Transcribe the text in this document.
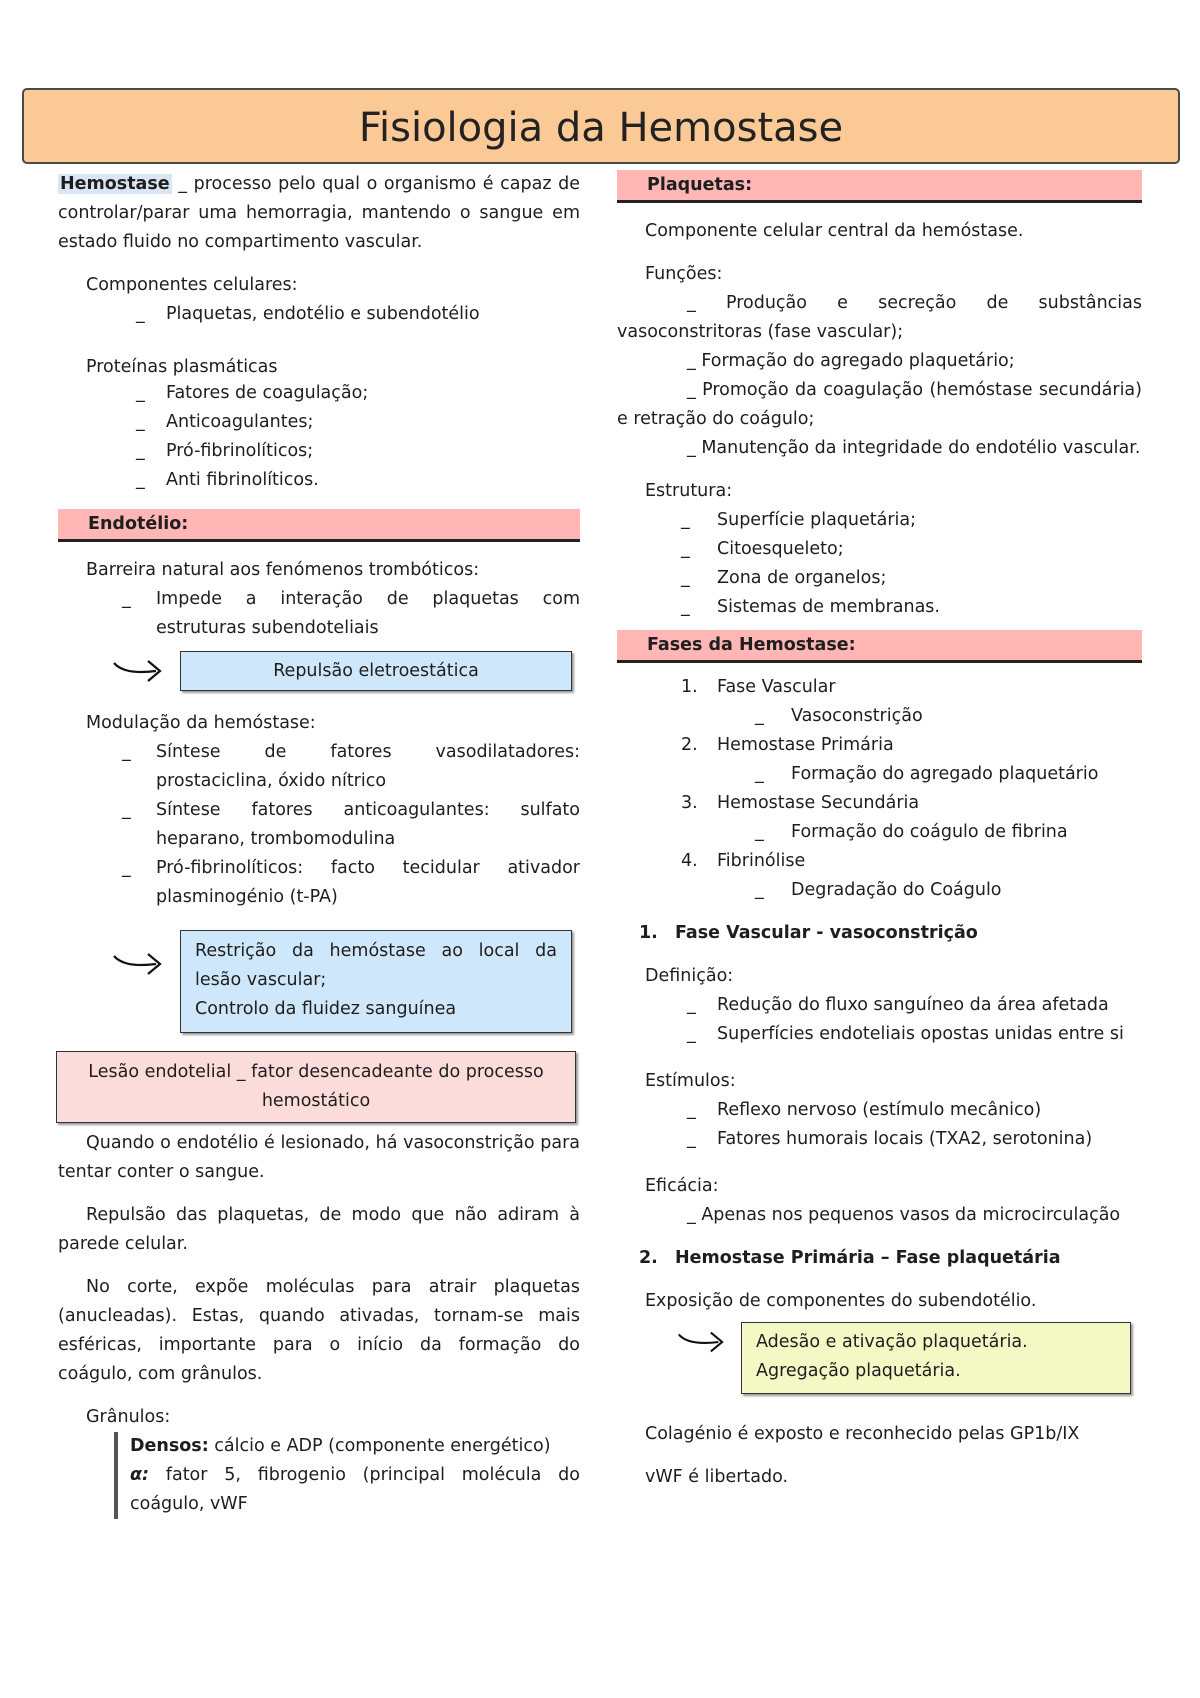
Fisiologia da Hemostase
Hemostase _ processo pelo qual o organismo é capaz de controlar/parar uma hemorragia, mantendo o sangue em estado fluido no compartimento vascular.
Componentes celulares:
_	Plaquetas, endotélio e subendotélio
Proteínas plasmáticas
_	Fatores de coagulação;
_	Anticoagulantes;
_	Pró-fibrinolíticos;
_	Anti fibrinolíticos.
Endotélio:
Barreira natural aos fenómenos trombóticos:
_	Impede a interação de plaquetas com estruturas subendoteliais
Repulsão eletroestática
Modulação da hemóstase:
_	Síntese de fatores vasodilatadores: prostaciclina, óxido nítrico
_	Síntese fatores anticoagulantes: sulfato heparano, trombomodulina
_	Pró-fibrinolíticos: facto tecidular ativador plasminogénio (t-PA)
Restrição da hemóstase ao local da lesão vascular;
Controlo da fluidez sanguínea
Lesão endotelial _ fator desencadeante do processo hemostático
Quando o endotélio é lesionado, há vasoconstrição para tentar conter o sangue.
Repulsão das plaquetas, de modo que não adiram à parede celular.
No corte, expõe moléculas para atrair plaquetas (anucleadas). Estas, quando ativadas, tornam-se mais esféricas, importante para o início da formação do coágulo, com grânulos.
Grânulos:
Densos: cálcio e ADP (componente energético)
α: fator 5, fibrogenio (principal molécula do coágulo, vWF
Plaquetas:
Componente celular central da hemóstase.
Funções:
_ Produção e secreção de substâncias vasoconstritoras (fase vascular);
_ Formação do agregado plaquetário;
_ Promoção da coagulação (hemóstase secundária) e retração do coágulo;
_ Manutenção da integridade do endotélio vascular.
Estrutura:
_	Superfície plaquetária;
_	Citoesqueleto;
_	Zona de organelos;
_	Sistemas de membranas.
Fases da Hemostase:
1.	Fase Vascular
_ Vasoconstrição
2.	Hemostase Primária
_ Formação do agregado plaquetário
3.	Hemostase Secundária
_ Formação do coágulo de fibrina
4.	Fibrinólise
_ Degradação do Coágulo
1. Fase Vascular - vasoconstrição
Definição:
_	Redução do fluxo sanguíneo da área afetada
_	Superfícies endoteliais opostas unidas entre si
Estímulos:
_	Reflexo nervoso (estímulo mecânico)
_	Fatores humorais locais (TXA2, serotonina)
Eficácia:
_ Apenas nos pequenos vasos da microcirculação
2. Hemostase Primária – Fase plaquetária
Exposição de componentes do subendotélio.
Adesão e ativação plaquetária.
Agregação plaquetária.
Colagénio é exposto e reconhecido pelas GP1b/IX
vWF é libertado.
